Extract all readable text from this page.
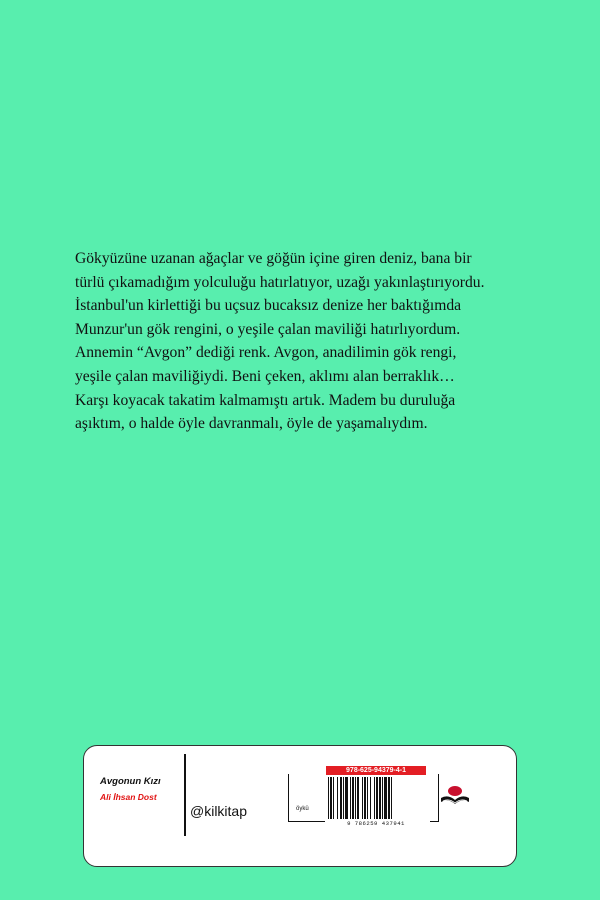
Gökyüzüne uzanan ağaçlar ve göğün içine giren deniz, bana bir

türlü çıkamadığım yolculuğu hatırlatıyor, uzağı yakınlaştırıyordu.

İstanbul'un kirlettiği bu uçsuz bucaksız denize her baktığımda

Munzur'un gök rengini, o yeşile çalan maviliği hatırlıyordum.

Annemin “Avgon” dediği renk. Avgon, anadilimin gök rengi,

yeşile çalan maviliğiydi. Beni çeken, aklımı alan berraklık…

Karşı koyacak takatim kalmamıştı artık. Madem bu duruluğa

aşıktım, o halde öyle davranmalı, öyle de yaşamalıydım.

Avgonun Kızı
Ali İhsan Dost
@kilkitap	öykü
978-625-94379-4-1
9 786259 437941
